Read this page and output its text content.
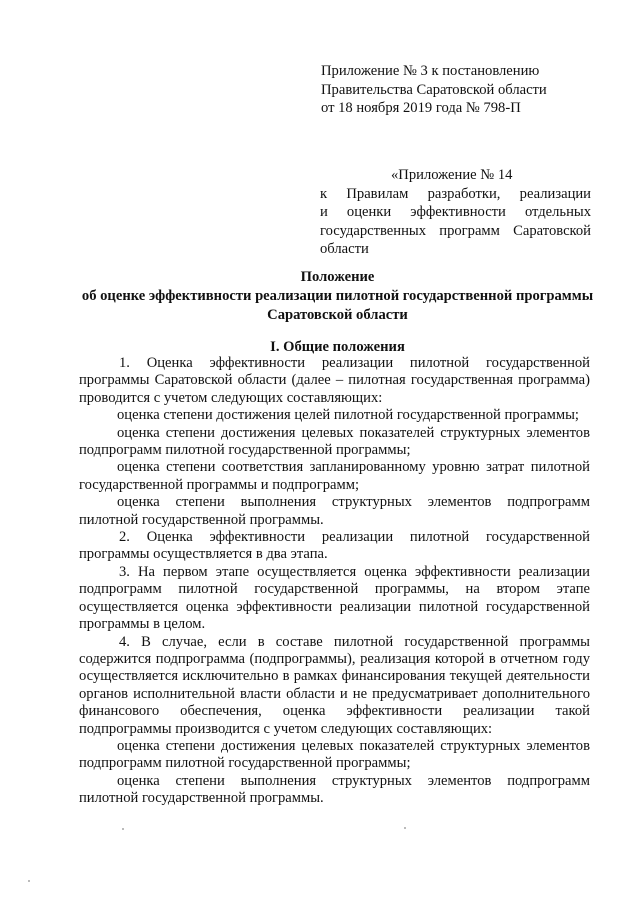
Приложение № 3 к постановлению
Правительства Саратовской области
от 18 ноября 2019 года № 798-П
«Приложение № 14
к Правилам разработки, реализации
и оценки эффективности отдельных
государственных программ Саратовской
области
Положение
об оценке эффективности реализации пилотной государственной программы
Саратовской области
I. Общие положения

1. Оценка эффективности реализации пилотной государственной программы Саратовской области (далее – пилотная государственная программа) проводится с учетом следующих составляющих:

оценка степени достижения целей пилотной государственной программы;

оценка степени достижения целевых показателей структурных элементов подпрограмм пилотной государственной программы;

оценка степени соответствия запланированному уровню затрат пилотной государственной программы и подпрограмм;

оценка степени выполнения структурных элементов подпрограмм пилотной государственной программы.

2. Оценка эффективности реализации пилотной государственной программы осуществляется в два этапа.

3. На первом этапе осуществляется оценка эффективности реализации подпрограмм пилотной государственной программы, на втором этапе осуществляется оценка эффективности реализации пилотной государственной программы в целом.

4. В случае, если в составе пилотной государственной программы содержится подпрограмма (подпрограммы), реализация которой в отчетном году осуществляется исключительно в рамках финансирования текущей деятельности органов исполнительной власти области и не предусматривает дополнительного финансового обеспечения, оценка эффективности реализации такой подпрограммы производится с учетом следующих составляющих:

оценка степени достижения целевых показателей структурных элементов подпрограмм пилотной государственной программы;

оценка степени выполнения структурных элементов подпрограмм пилотной государственной программы.
